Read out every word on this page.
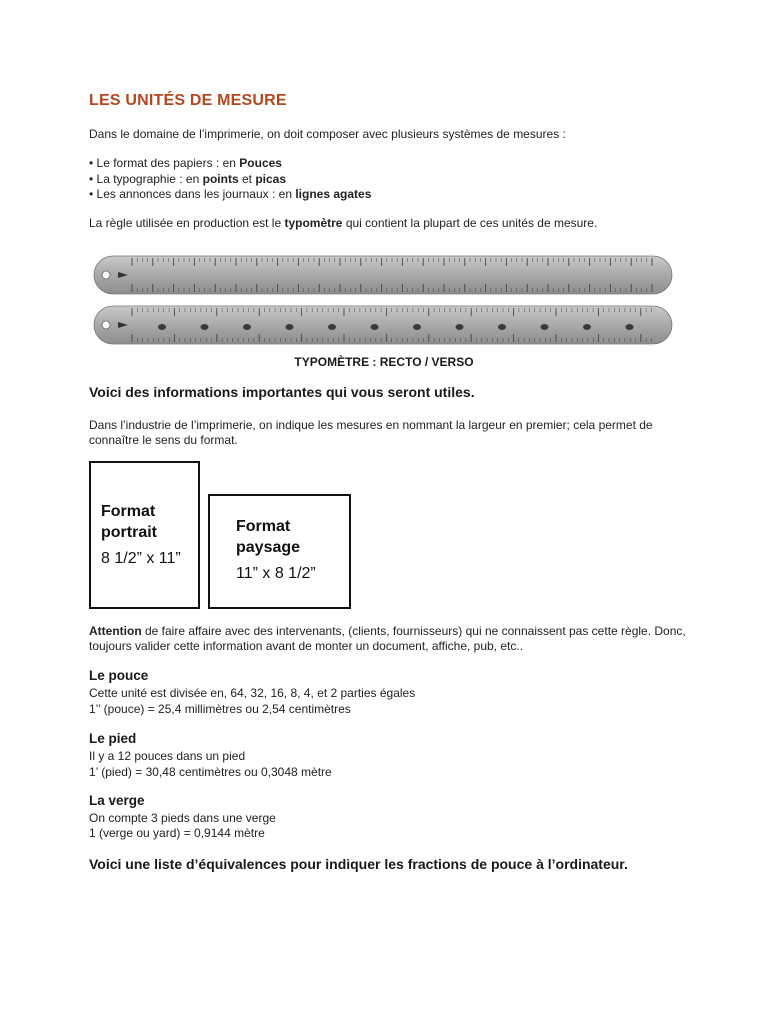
LES UNITÉS DE MESURE
Dans le domaine de l’imprimerie, on doit composer avec plusieurs systèmes de mesures :
• Le format des papiers : en Pouces
• La typographie : en points et picas
• Les annonces dans les journaux : en lignes agates
La règle utilisée en production est le typomètre qui contient la plupart de ces unités de mesure.
TYPOMÈTRE : RECTO / VERSO
Voici des informations importantes qui vous seront utiles.
Dans l’industrie de l’imprimerie, on indique les mesures en nommant la largeur en premier; cela permet de connaître le sens du format.
Format
portrait
8 1/2” x 11”
Format
paysage
11” x 8 1/2”
Attention de faire affaire avec des intervenants, (clients, fournisseurs) qui ne connaissent pas cette règle. Donc, toujours valider cette information avant de monter un document, affiche, pub, etc..
Le pouce
Cette unité est divisée en, 64, 32, 16, 8, 4, et 2 parties égales
1’’ (pouce) = 25,4 millimètres ou 2,54 centimètres
Le pied
Il y a 12 pouces dans un pied
1’ (pied) = 30,48 centimètres ou 0,3048 mètre
La verge
On compte 3 pieds dans une verge
1 (verge ou yard) = 0,9144 mètre
Voici une liste d’équivalences pour indiquer les fractions de pouce à l’ordinateur.
